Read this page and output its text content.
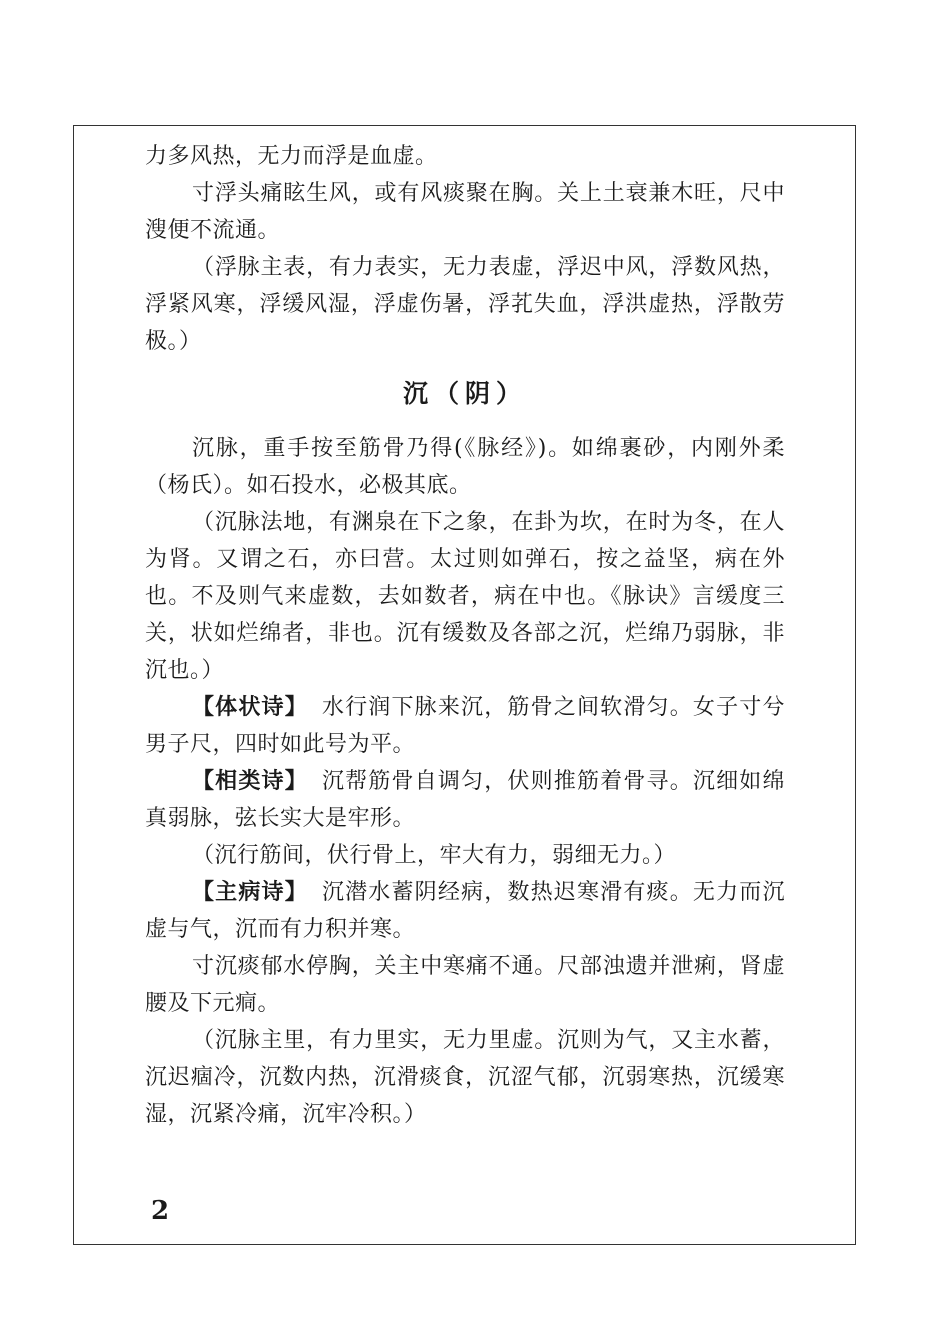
力多风热，无力而浮是血虚。

寸浮头痛眩生风，或有风痰聚在胸。关上土衰兼木旺，尺中溲便不流通。

（浮脉主表，有力表实，无力表虚，浮迟中风，浮数风热，浮紧风寒，浮缓风湿，浮虚伤暑，浮芤失血，浮洪虚热，浮散劳极。）

沉（阴）

沉脉，重手按至筋骨乃得(《脉经》)。如绵裹砂，内刚外柔（杨氏）。如石投水，必极其底。

（沉脉法地，有渊泉在下之象，在卦为坎，在时为冬，在人为肾。又谓之石，亦曰营。太过则如弹石，按之益坚，病在外也。不及则气来虚数，去如数者，病在中也。《脉诀》言缓度三关，状如烂绵者，非也。沉有缓数及各部之沉，烂绵乃弱脉，非沉也。）

【体状诗】 水行润下脉来沉，筋骨之间软滑匀。女子寸兮男子尺，四时如此号为平。

【相类诗】 沉帮筋骨自调匀，伏则推筋着骨寻。沉细如绵真弱脉，弦长实大是牢形。

（沉行筋间，伏行骨上，牢大有力，弱细无力。）

【主病诗】 沉潜水蓄阴经病，数热迟寒滑有痰。无力而沉虚与气，沉而有力积并寒。

寸沉痰郁水停胸，关主中寒痛不通。尺部浊遗并泄痢，肾虚腰及下元痌。

（沉脉主里，有力里实，无力里虚。沉则为气，又主水蓄，沉迟痼冷，沉数内热，沉滑痰食，沉涩气郁，沉弱寒热，沉缓寒湿，沉紧冷痛，沉牢冷积。）

2
